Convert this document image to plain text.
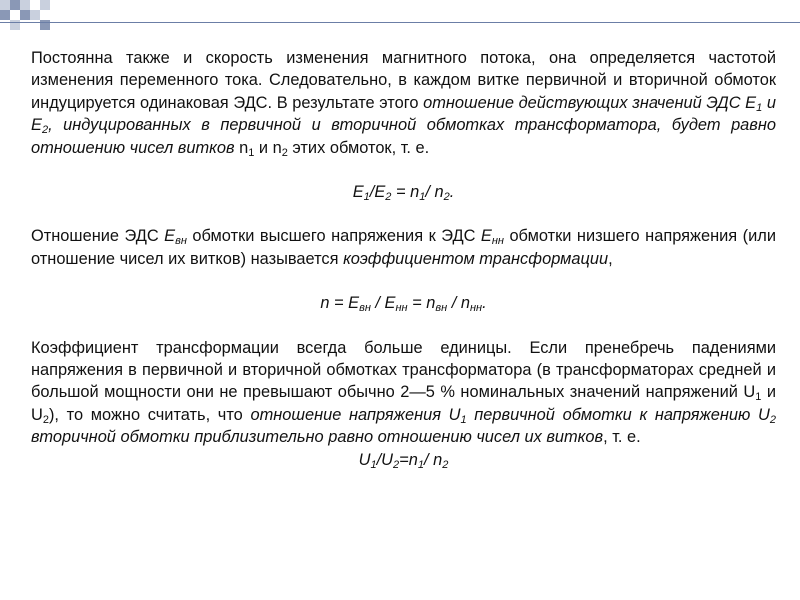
Постоянна также и скорость изменения магнитного потока, она определяется частотой изменения переменного тока. Следовательно, в каждом витке первичной и вторичной обмоток индуцируется одинаковая ЭДС. В результате этого отношение действующих значений ЭДС $Е_1$ и $Е_2$, индуцированных в первичной и вторичной обмотках трансформатора, будет равно отношению чисел витков $n_1$ и $n_2$ этих обмоток, т. е.

$E_1/E_2 = n_1/$ $n_2$.

Отношение ЭДС $Е_{вн}$ обмотки высшего напряжения к ЭДС $Е_{нн}$ обмотки низшего напряжения (или отношение чисел их витков) называется коэффициентом трансформации,

$n = E_{вн} / E_{нн} = n_{вн} / n_{нн}$.

Коэффициент трансформации всегда больше единицы. Если пренебречь падениями напряжения в первичной и вторичной обмотках трансформатора (в трансформаторах средней и большой мощности они не превышают обычно 2—5 % номинальных значений напряжений $U_1$ и $U_2$), то можно считать, что отношение напряжения $U_1$ первичной обмотки к напряжению $U_2$ вторичной обмотки приблизительно равно отношению чисел их витков, т. е.

$U_1/U_2=n_1/$ $n_2$
